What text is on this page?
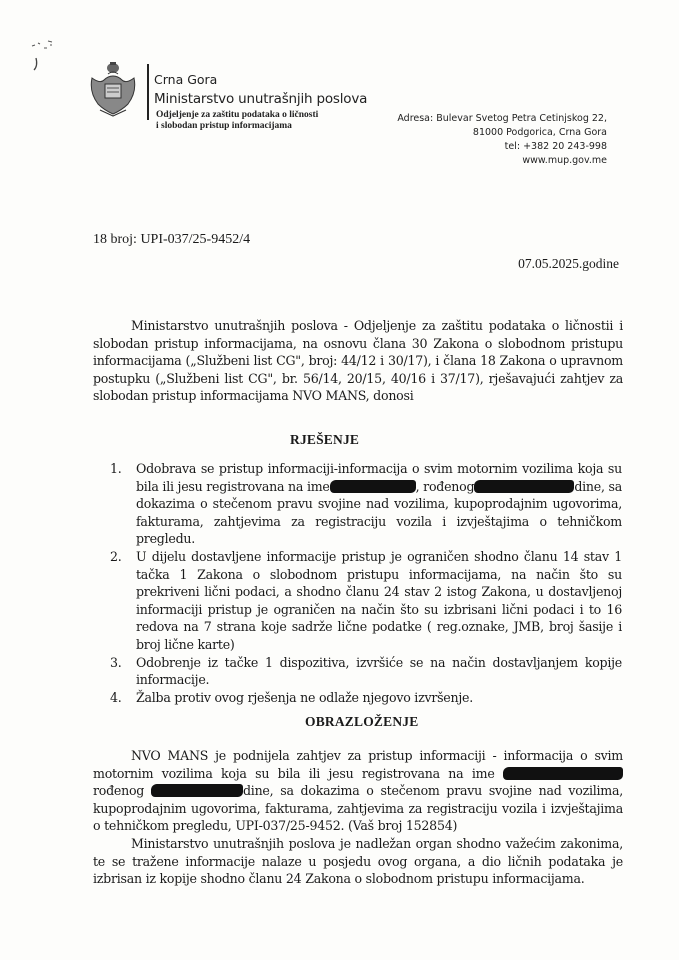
Crna Gora
Ministarstvo unutrašnjih poslova
Odjeljenje za zaštitu podataka o ličnosti
i slobodan pristup informacijama
Adresa: Bulevar Svetog Petra Cetinjskog 22,
81000 Podgorica, Crna Gora
tel: +382 20 243-998
www.mup.gov.me
18 broj: UPI-037/25-9452/4
07.05.2025.godine
Ministarstvo unutrašnjih poslova - Odjeljenje za zaštitu podataka o ličnostii i slobodan pristup informacijama, na osnovu člana 30 Zakona o slobodnom pristupu informacijama („Službeni list CG", broj: 44/12 i 30/17), i člana 18 Zakona o upravnom postupku („Službeni list CG", br. 56/14, 20/15, 40/16 i 37/17), rješavajući zahtjev za slobodan pristup informacijama NVO MANS, donosi
RJEŠENJE
1. Odobrava se pristup informaciji-informacija o svim motornim vozilima koja su bila ili jesu registrovana na ime	, rođenog	dine, sa dokazima o stečenom pravu svojine nad vozilima, kupoprodajnim ugovorima, fakturama, zahtjevima za registraciju vozila i izvještajima o tehničkom pregledu.
2. U dijelu dostavljene informacije pristup je ograničen shodno članu 14 stav 1 tačka 1 Zakona o slobodnom pristupu informacijama, na način što su prekriveni lični podaci, a shodno članu 24 stav 2 istog Zakona, u dostavljenoj informaciji pristup je ograničen na način što su izbrisani lični podaci i to 16 redova na 7 strana koje sadrže lične podatke ( reg.oznake, JMB, broj šasije i broj lične karte)
3. Odobrenje iz tačke 1 dispozitiva, izvršiće se na način dostavljanjem kopije informacije.
4. Žalba protiv ovog rješenja ne odlaže njegovo izvršenje.
OBRAZLOŽENJE

NVO MANS je podnijela zahtjev za pristup informaciji - informacija o svim motornim vozilima koja su bila ili jesu registrovana na ime  rođenog	dine, sa dokazima o stečenom pravu svojine nad vozilima, kupoprodajnim ugovorima, fakturama, zahtjevima za registraciju vozila i izvještajima o tehničkom pregledu, UPI-037/25-9452. (Vaš broj 152854)

Ministarstvo unutrašnjih poslova je nadležan organ shodno važećim zakonima, te se tražene informacije nalaze u posjedu ovog organa, a dio ličnih podataka je izbrisan iz kopije shodno članu 24 Zakona o slobodnom pristupu informacijama.
